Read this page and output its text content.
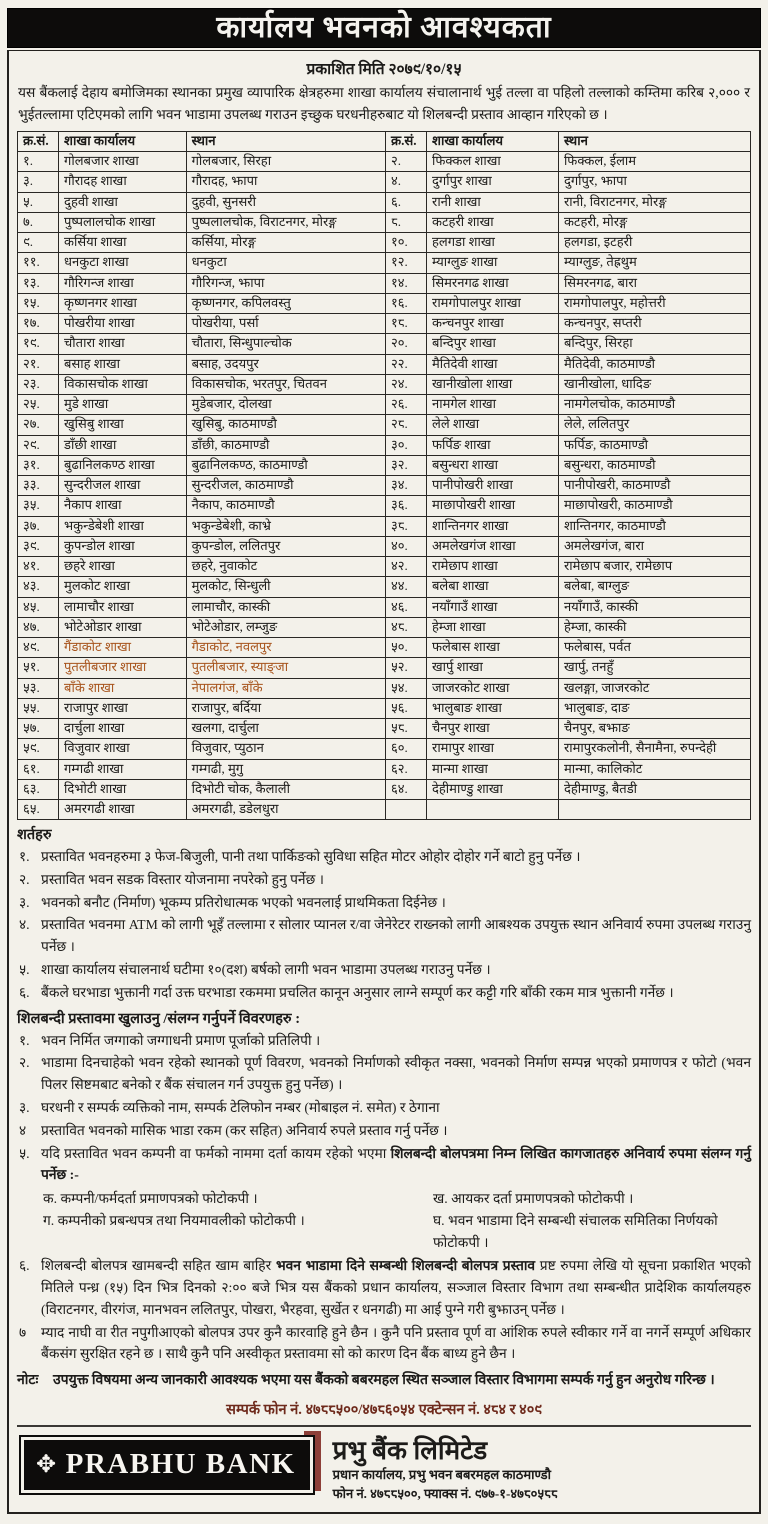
कार्यालय भवनको आवश्यकता
प्रकाशित मिति २०७९/१०/१५

यस बैंकलाई देहाय बमोजिमका स्थानका प्रमुख व्यापारिक क्षेत्रहरुमा शाखा कार्यालय संचालानार्थ भुई तल्ला वा पहिलो तल्लाको कम्तिमा करिब २,००० र भुईतल्लामा एटिएमको लागि भवन भाडामा उपलब्ध गराउन इच्छुक घरधनीहरुबाट यो शिलबन्दी प्रस्ताव आव्हान गरिएको छ ।

क्र.सं.	शाखा कार्यालय	स्थान	क्र.सं.	शाखा कार्यालय	स्थान
१.	गोलबजार शाखा	गोलबजार, सिरहा	२.	फिक्कल शाखा	फिक्कल, ईलाम
३.	गौरादह शाखा	गौरादह, झापा	४.	दुर्गापुर शाखा	दुर्गापुर, झापा
५.	दुहवी शाखा	दुहवी, सुनसरी	६.	रानी शाखा	रानी, विराटनगर, मोरङ्ग
७.	पुष्पलालचोक शाखा	पुष्पलालचोक, विराटनगर, मोरङ्ग	८.	कटहरी शाखा	कटहरी, मोरङ्ग
९.	कर्सिया शाखा	कर्सिया, मोरङ्ग	१०.	हलगडा शाखा	हलगडा, इटहरी
११.	धनकुटा शाखा	धनकुटा	१२.	म्याग्लुङ शाखा	म्याग्लुङ, तेह्रथुम
१३.	गौरिगन्ज शाखा	गौरिगन्ज, झापा	१४.	सिमरनगढ शाखा	सिमरनगढ, बारा
१५.	कृष्णनगर शाखा	कृष्णनगर, कपिलवस्तु	१६.	रामगोपालपुर शाखा	रामगोपालपुर, महोत्तरी
१७.	पोखरीया शाखा	पोखरीया, पर्सा	१८.	कन्चनपुर शाखा	कन्चनपुर, सप्तरी
१९.	चौतारा शाखा	चौतारा, सिन्धुपाल्चोक	२०.	बन्दिपुर शाखा	बन्दिपुर, सिरहा
२१.	बसाह शाखा	बसाह, उदयपुर	२२.	मैतिदेवी शाखा	मैतिदेवी, काठमाण्डौ
२३.	विकासचोक शाखा	विकासचोक, भरतपुर, चितवन	२४.	खानीखोला शाखा	खानीखोला, धादिङ
२५.	मुडे शाखा	मुडेबजार, दोलखा	२६.	नामगेल शाखा	नामगेलचोक, काठमाण्डौ
२७.	खुसिबु शाखा	खुसिबु, काठमाण्डौ	२८.	लेले शाखा	लेले, ललितपुर
२९.	डाँछी शाखा	डाँछी, काठमाण्डौ	३०.	फर्पिङ शाखा	फर्पिङ, काठमाण्डौ
३१.	बुढानिलकण्ठ शाखा	बुढानिलकण्ठ, काठमाण्डौ	३२.	बसुन्धरा शाखा	बसुन्धरा, काठमाण्डौ
३३.	सुन्दरीजल शाखा	सुन्दरीजल, काठमाण्डौ	३४.	पानीपोखरी शाखा	पानीपोखरी, काठमाण्डौ
३५.	नैकाप शाखा	नैकाप, काठमाण्डौ	३६.	माछापोखरी शाखा	माछापोखरी, काठमाण्डौ
३७.	भकुन्डेबेशी शाखा	भकुन्डेबेशी, काभ्रे	३८.	शान्तिनगर शाखा	शान्तिनगर, काठमाण्डौ
३९.	कुपन्डोल शाखा	कुपन्डोल, ललितपुर	४०.	अमलेखगंज शाखा	अमलेखगंज, बारा
४१.	छहरे शाखा	छहरे, नुवाकोट	४२.	रामेछाप शाखा	रामेछाप बजार, रामेछाप
४३.	मुलकोट शाखा	मुलकोट, सिन्धुली	४४.	बलेबा शाखा	बलेबा, बाग्लुङ
४५.	लामाचौर शाखा	लामाचौर, कास्की	४६.	नयाँगाउँ शाखा	नयाँगाउँ, कास्की
४७.	भोटेओडार शाखा	भोटेओडार, लम्जुङ	४८.	हेम्जा शाखा	हेम्जा, कास्की
४९.	गैंडाकोट शाखा	गैडाकोट, नवलपुर	५०.	फलेबास शाखा	फलेबास, पर्वत
५१.	पुतलीबजार शाखा	पुतलीबजार, स्याङ्जा	५२.	खार्पु शाखा	खार्पु, तनहुँ
५३.	बाँके शाखा	नेपालगंज, बाँके	५४.	जाजरकोट शाखा	खलङ्गा, जाजरकोट
५५.	राजापुर शाखा	राजापुर, बर्दिया	५६.	भालुबाङ शाखा	भालुबाङ, दाङ
५७.	दार्चुला शाखा	खलगा, दार्चुला	५८.	चैनपुर शाखा	चैनपुर, बझाङ
५९.	विजुवार शाखा	विजुवार, प्युठान	६०.	रामापुर शाखा	रामापुरकलोनी, सैनामैना, रुपन्देही
६१.	गम्गढी शाखा	गम्गढी, मुगु	६२.	मान्मा शाखा	मान्मा, कालिकोट
६३.	दिभोटी शाखा	दिभोटी चोक, कैलाली	६४.	देहीमाण्डु शाखा	देहीमाण्डु, बैतडी
६५.	अमरगढी शाखा	अमरगढी, डडेलधुरा			
शर्तहरु
१. प्रस्तावित भवनहरुमा ३ फेज-बिजुली, पानी तथा पार्किङको सुविधा सहित मोटर ओहोर दोहोर गर्ने बाटो हुनु पर्नेछ ।
२. प्रस्तावित भवन सडक विस्तार योजनामा नपरेको हुनु पर्नेछ ।
३. भवनको बनौट (निर्माण) भूकम्प प्रतिरोधात्मक भएको भवनलाई प्राथमिकता दिईनेछ ।
४. प्रस्तावित भवनमा ATM को लागी भूइँ तल्लामा र सोलार प्यानल र/वा जेनेरेटर राख्नको लागी आबश्यक उपयुक्त स्थान अनिवार्य रुपमा उपलब्ध गराउनु पर्नेछ ।
५. शाखा कार्यालय संचालनार्थ घटीमा १०(दश) बर्षको लागी भवन भाडामा उपलब्ध गराउनु पर्नेछ ।
६. बैंकले घरभाडा भुक्तानी गर्दा उक्त घरभाडा रकममा प्रचलित कानून अनुसार लाग्ने सम्पूर्ण कर कट्टी गरि बाँकी रकम मात्र भुक्तानी गर्नेछ ।
शिलबन्दी प्रस्तावमा खुलाउनु /संलग्न गर्नुपर्ने विवरणहरु :
१. भवन निर्मित जग्गाको जग्गाधनी प्रमाण पूर्जाको प्रतिलिपी ।
२. भाडामा दिनचाहेको भवन रहेको स्थानको पूर्ण विवरण, भवनको निर्माणको स्वीकृत नक्सा, भवनको निर्माण सम्पन्न भएको प्रमाणपत्र र फोटो (भवन पिलर सिष्टमबाट बनेको र बैंक संचालन गर्न उपयुक्त हुनु पर्नेछ) ।
३. घरधनी र सम्पर्क व्यक्तिको नाम, सम्पर्क टेलिफोन नम्बर (मोबाइल नं. समेत) र ठेगाना
४	प्रस्तावित भवनको मासिक भाडा रकम (कर सहित) अनिवार्य रुपले प्रस्ताव गर्नु पर्नेछ ।
५. यदि प्रस्तावित भवन कम्पनी वा फर्मको नाममा दर्ता कायम रहेको भएमा शिलबन्दी बोलपत्रमा निम्न लिखित कागजातहरु अनिवार्य रुपमा संलग्न गर्नु पर्नेछ :-
क. कम्पनी/फर्मदर्ता प्रमाणपत्रको फोटोकपी ।	ख. आयकर दर्ता प्रमाणपत्रको फोटोकपी ।
ग. कम्पनीको प्रबन्धपत्र तथा नियमावलीको फोटोकपी ।	घ. भवन भाडामा दिने सम्बन्धी संचालक समितिका निर्णयको फोटोकपी ।
६. शिलबन्दी बोलपत्र खामबन्दी सहित खाम बाहिर भवन भाडामा दिने सम्बन्धी शिलबन्दी बोलपत्र प्रस्ताव प्रष्ट रुपमा लेखि यो सूचना प्रकाशित भएको मितिले पन्ध्र (१५) दिन भित्र दिनको २:०० बजे भित्र यस बैंकको प्रधान कार्यालय, सञ्जाल विस्तार विभाग तथा सम्बन्धीत प्रादेशिक कार्यालयहरु (विराटनगर, वीरगंज, मानभवन ललितपुर, पोखरा, भैरहवा, सुर्खेत र धनगढी) मा आई पुग्ने गरी बुझाउन् पर्नेछ ।
७	म्याद नाघी वा रीत नपुगीआएको बोलपत्र उपर कुनै कारवाहि हुने छैन । कुनै पनि प्रस्ताव पूर्ण वा आंशिक रुपले स्वीकार गर्ने वा नगर्ने सम्पूर्ण अधिकार बैंकसंग सुरक्षित रहने छ । साथै कुनै पनि अस्वीकृत प्रस्तावमा सो को कारण दिन बैंक बाध्य हुने छैन ।
नोटः	उपयुक्त विषयमा अन्य जानकारी आवश्यक भएमा यस बैंकको बबरमहल स्थित सञ्जाल विस्तार विभागमा सम्पर्क गर्नु हुन अनुरोध गरिन्छ ।
सम्पर्क फोन नं. ४७८८५००/४७८६०५४ एक्टेन्सन नं. ४८४ र ४०९
✥ PRABHU BANK प्रभु बैंक लिमिटेड
प्रधान कार्यालय, प्रभु भवन बबरमहल काठमाण्डौ
फोन नं. ४७८८५००, फ्याक्स नं. ९७७-१-४७८०५८८
